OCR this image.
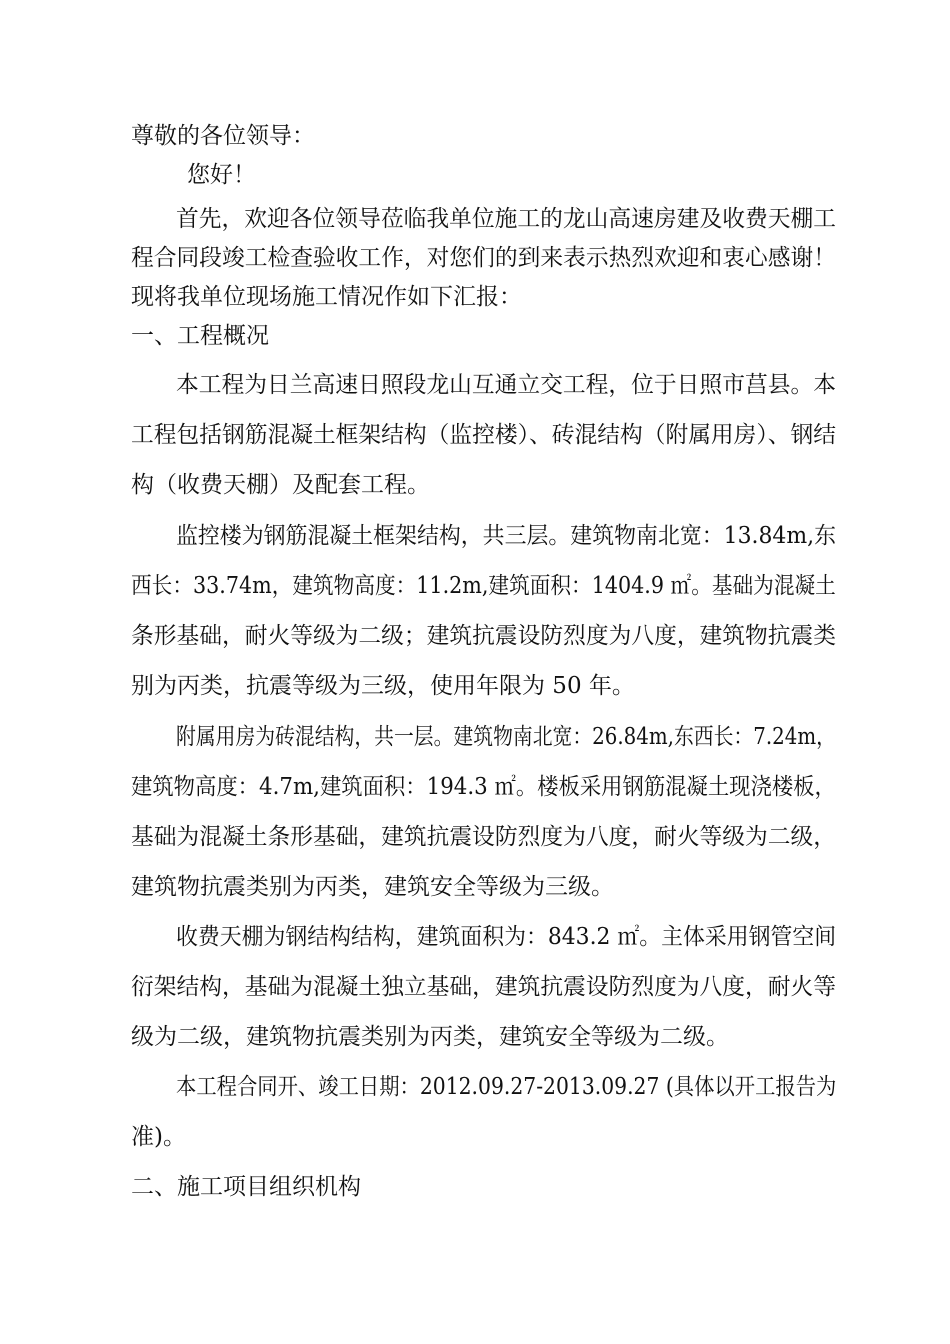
尊敬的各位领导：

您好！

首先，欢迎各位领导莅临我单位施工的龙山高速房建及收费天棚工

程合同段竣工检查验收工作，对您们的到来表示热烈欢迎和衷心感谢！

现将我单位现场施工情况作如下汇报：

一、工程概况

本工程为日兰高速日照段龙山互通立交工程，位于日照市莒县。本

工程包括钢筋混凝土框架结构（监控楼）、砖混结构（附属用房）、钢结

构（收费天棚）及配套工程。

监控楼为钢筋混凝土框架结构，共三层。建筑物南北宽：13.84m,东

西长：33.74m，建筑物高度：11.2m,建筑面积：1404.9 ㎡。基础为混凝土

条形基础，耐火等级为二级；建筑抗震设防烈度为八度，建筑物抗震类

别为丙类，抗震等级为三级，使用年限为 50 年。

附属用房为砖混结构，共一层。建筑物南北宽：26.84m,东西长：7.24m，

建筑物高度：4.7m,建筑面积：194.3 ㎡。楼板采用钢筋混凝土现浇楼板，

基础为混凝土条形基础，建筑抗震设防烈度为八度，耐火等级为二级，

建筑物抗震类别为丙类，建筑安全等级为三级。

收费天棚为钢结构结构，建筑面积为：843.2 ㎡。主体采用钢管空间

衍架结构，基础为混凝土独立基础，建筑抗震设防烈度为八度，耐火等

级为二级，建筑物抗震类别为丙类，建筑安全等级为二级。

本工程合同开、竣工日期：2012.09.27-2013.09.27 (具体以开工报告为

准)。

二、施工项目组织机构
